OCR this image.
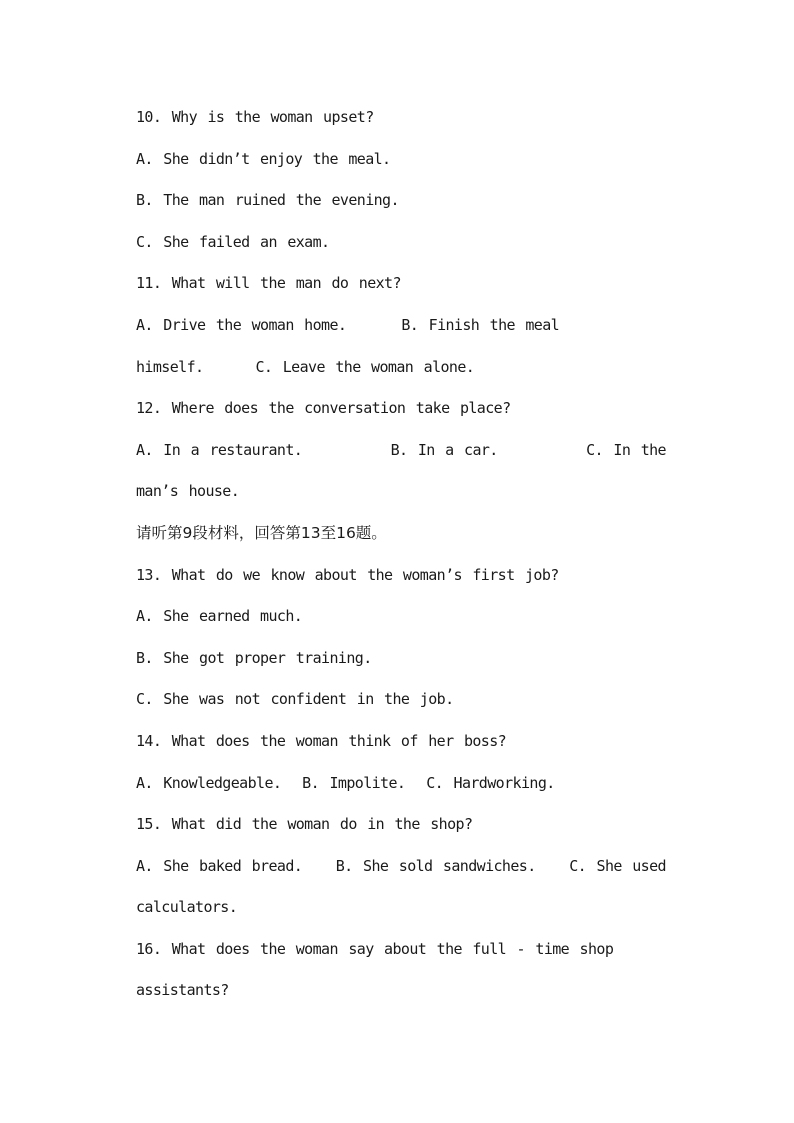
10. Why is the woman upset?
A. She didn’t enjoy the meal.
B. The man ruined the evening.
C. She failed an exam.
11. What will the man do next?
A. Drive the woman home.	B. Finish the meal
himself.	C. Leave the woman alone.
12. Where does the conversation take place?
A. In a restaurant.	B. In a car.	C. In the
man’s house.
请听第9段材料，回答第13至16题。
13. What do we know about the woman’s first job?
A. She earned much.
B. She got proper training.
C. She was not confident in the job.
14. What does the woman think of her boss?
A. Knowledgeable.  B. Impolite.  C. Hardworking.
15. What did the woman do in the shop?
A. She baked bread. B. She sold sandwiches. C. She used
calculators.
16. What does the woman say about the full - time shop
assistants?
